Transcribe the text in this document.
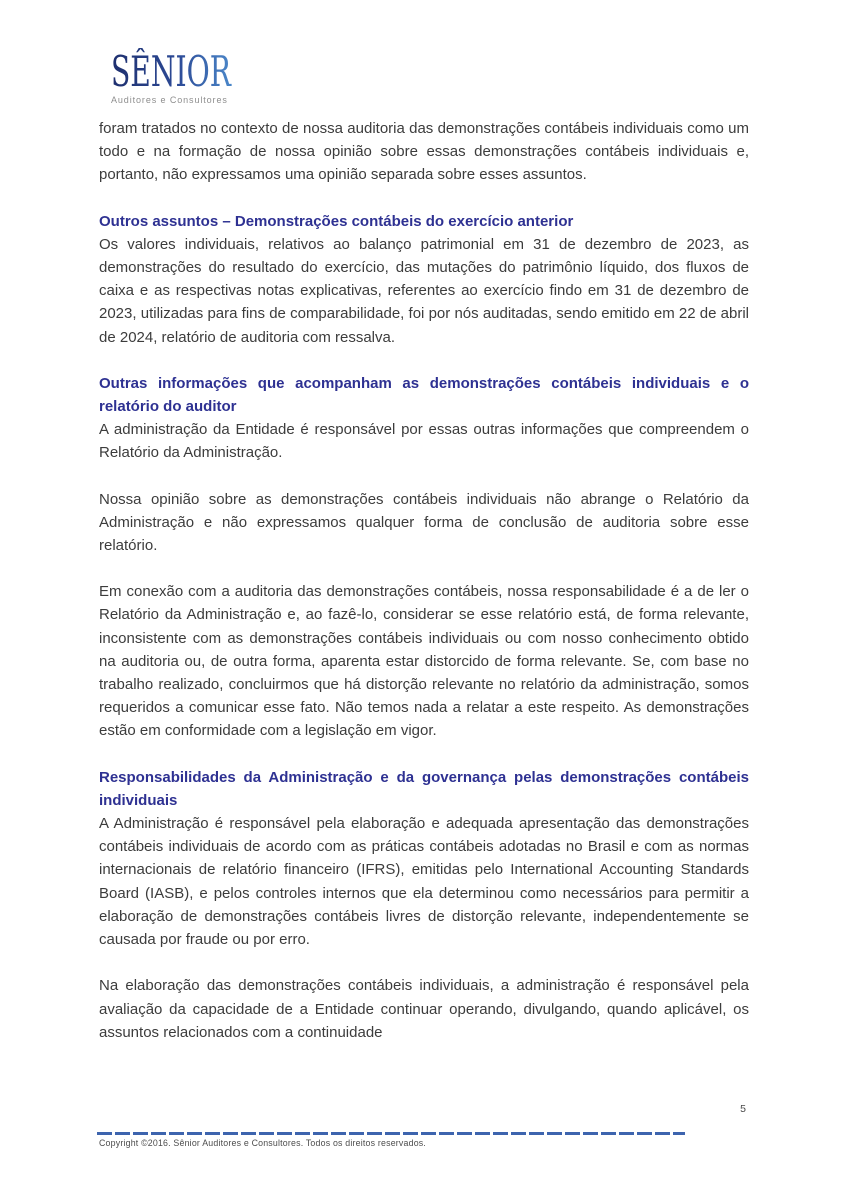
SÊNIOR
Auditores e Consultores

foram tratados no contexto de nossa auditoria das demonstrações contábeis individuais como um todo e na formação de nossa opinião sobre essas demonstrações contábeis individuais e, portanto, não expressamos uma opinião separada sobre esses assuntos.

Outros assuntos – Demonstrações contábeis do exercício anterior

Os valores individuais, relativos ao balanço patrimonial em 31 de dezembro de 2023, as demonstrações do resultado do exercício, das mutações do patrimônio líquido, dos fluxos de caixa e as respectivas notas explicativas, referentes ao exercício findo em 31 de dezembro de 2023, utilizadas para fins de comparabilidade, foi por nós auditadas, sendo emitido em 22 de abril de 2024, relatório de auditoria com ressalva.

Outras informações que acompanham as demonstrações contábeis individuais e o relatório do auditor

A administração da Entidade é responsável por essas outras informações que compreendem o Relatório da Administração.

Nossa opinião sobre as demonstrações contábeis individuais não abrange o Relatório da Administração e não expressamos qualquer forma de conclusão de auditoria sobre esse relatório.

Em conexão com a auditoria das demonstrações contábeis, nossa responsabilidade é a de ler o Relatório da Administração e, ao fazê-lo, considerar se esse relatório está, de forma relevante, inconsistente com as demonstrações contábeis individuais ou com nosso conhecimento obtido na auditoria ou, de outra forma, aparenta estar distorcido de forma relevante. Se, com base no trabalho realizado, concluirmos que há distorção relevante no relatório da administração, somos requeridos a comunicar esse fato. Não temos nada a relatar a este respeito. As demonstrações estão em conformidade com a legislação em vigor.

Responsabilidades da Administração e da governança pelas demonstrações contábeis individuais

A Administração é responsável pela elaboração e adequada apresentação das demonstrações contábeis individuais de acordo com as práticas contábeis adotadas no Brasil e com as normas internacionais de relatório financeiro (IFRS), emitidas pelo International Accounting Standards Board (IASB), e pelos controles internos que ela determinou como necessários para permitir a elaboração de demonstrações contábeis livres de distorção relevante, independentemente se causada por fraude ou por erro.

Na elaboração das demonstrações contábeis individuais, a administração é responsável pela avaliação da capacidade de a Entidade continuar operando, divulgando, quando aplicável, os assuntos relacionados com a continuidade

5
Copyright ©2016. Sênior Auditores e Consultores. Todos os direitos reservados.
